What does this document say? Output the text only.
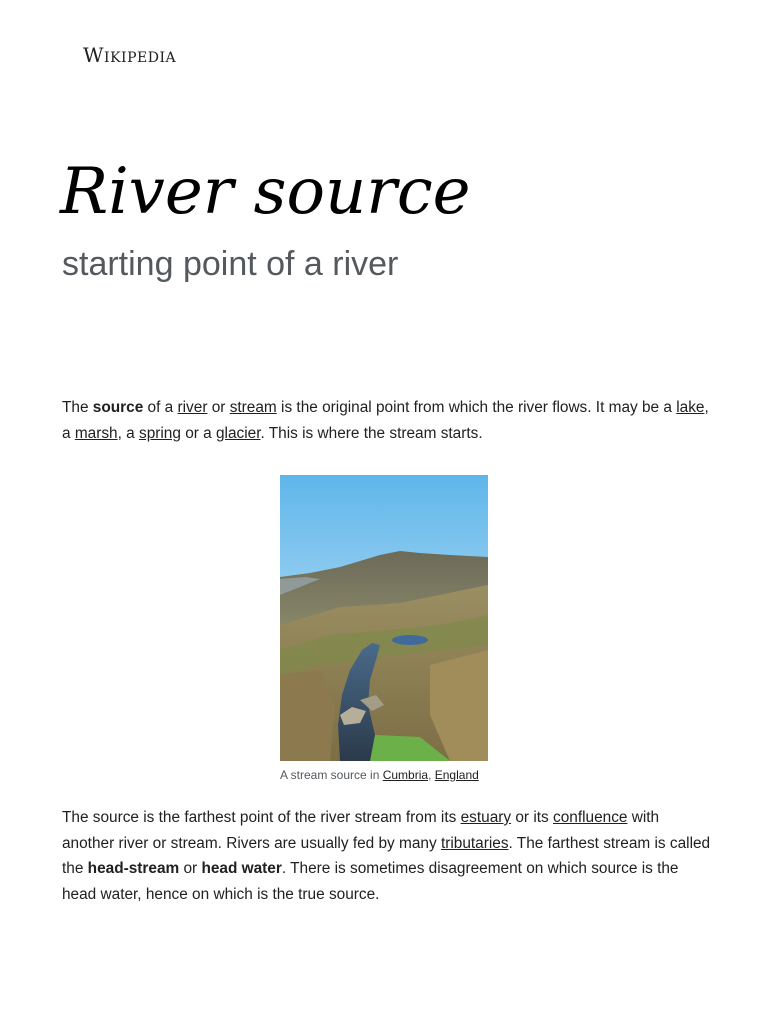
Wikipedia
River source
starting point of a river

The source of a river or stream is the original point from which the river flows. It may be a lake, a marsh, a spring or a glacier. This is where the stream starts.

A stream source in Cumbria, England

The source is the farthest point of the river stream from its estuary or its confluence with another river or stream. Rivers are usually fed by many tributaries. The farthest stream is called the head-stream or head water. There is sometimes disagreement on which source is the head water, hence on which is the true source.
